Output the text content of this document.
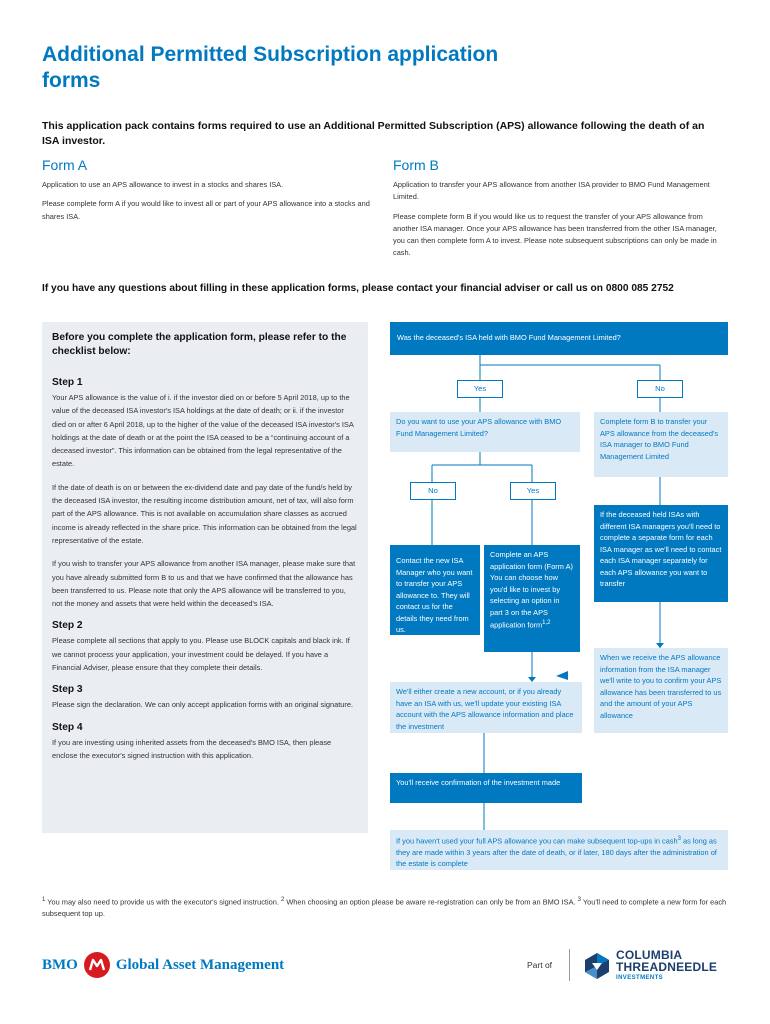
Additional Permitted Subscription application forms
This application pack contains forms required to use an Additional Permitted Subscription (APS) allowance following the death of an ISA investor.
Form A

Application to use an APS allowance to invest in a stocks and shares ISA.

Please complete form A if you would like to invest all or part of your APS allowance into a stocks and shares ISA.

Form B

Application to transfer your APS allowance from another ISA provider to BMO Fund Management Limited.

Please complete form B if you would like us to request the transfer of your APS allowance from another ISA manager. Once your APS allowance has been transferred from the other ISA manager, you can then complete form A to invest. Please note subsequent subscriptions can only be made in cash.

If you have any questions about filling in these application forms, please contact your financial adviser or call us on 0800 085 2752
Before you complete the application form, please refer to the checklist below:
Step 1
Your APS allowance is the value of i. if the investor died on or before 5 April 2018, up to the value of the deceased ISA investor's ISA holdings at the date of death; or ii. if the investor died on or after 6 April 2018, up to the higher of the value of the deceased ISA investor's ISA holdings at the date of death or at the point the ISA ceased to be a “continuing account of a deceased investor”. This information can be obtained from the legal representative of the estate.
If the date of death is on or between the ex-dividend date and pay date of the fund/s held by the deceased ISA investor, the resulting income distribution amount, net of tax, will also form part of the APS allowance. This is not available on accumulation share classes as accrued income is already reflected in the share price. This information can be obtained from the legal representative of the estate.
If you wish to transfer your APS allowance from another ISA manager, please make sure that you have already submitted form B to us and that we have confirmed that the allowance has been transferred to us. Please note that only the APS allowance will be transferred to you, not the money and assets that were held within the deceased's ISA.
Step 2
Please complete all sections that apply to you. Please use BLOCK capitals and black ink. If we cannot process your application, your investment could be delayed. If you have a Financial Adviser, please ensure that they complete their details.
Step 3
Please sign the declaration. We can only accept application forms with an original signature.
Step 4
If you are investing using inherited assets from the deceased's BMO ISA, then please enclose the executor's signed instruction with this application.
Was the deceased's ISA held with BMO Fund Management Limited?
Yes	No
Do you want to use your APS allowance with BMO Fund Management Limited?
Complete form B to transfer your APS allowance from the deceased's ISA manager to BMO Fund Management Limited
No	Yes
If the deceased held ISAs with different ISA managers you'll need to complete a separate form for each ISA manager as we'll need to contact each ISA manager separately for each APS allowance you want to transfer
Contact the new ISA Manager who you want to transfer your APS allowance to. They will contact us for the details they need from us.
Complete an APS application form (Form A) You can choose how you'd like to invest by selecting an option in part 3 on the APS application form$^{1,2}$
When we receive the APS allowance information from the ISA manager we'll write to you to confirm your APS allowance has been transferred to us and the amount of your APS allowance
We'll either create a new account, or if you already have an ISA with us, we'll update your existing ISA account with the APS allowance information and place the investment
You'll receive confirmation of the investment made
If you haven't used your full APS allowance you can make subsequent top-ups in cash$^3$ as long as they are made within 3 years after the date of death, or if later, 180 days after the administration of the estate is complete
$^1$ You may also need to provide us with the executor's signed instruction. $^2$ When choosing an option please be aware re-registration can only be from an BMO ISA. $^3$ You'll need to complete a new form for each subsequent top up.
BMO	Global Asset Management	Part of
COLUMBIA
THREADNEEDLE
INVESTMENTS
